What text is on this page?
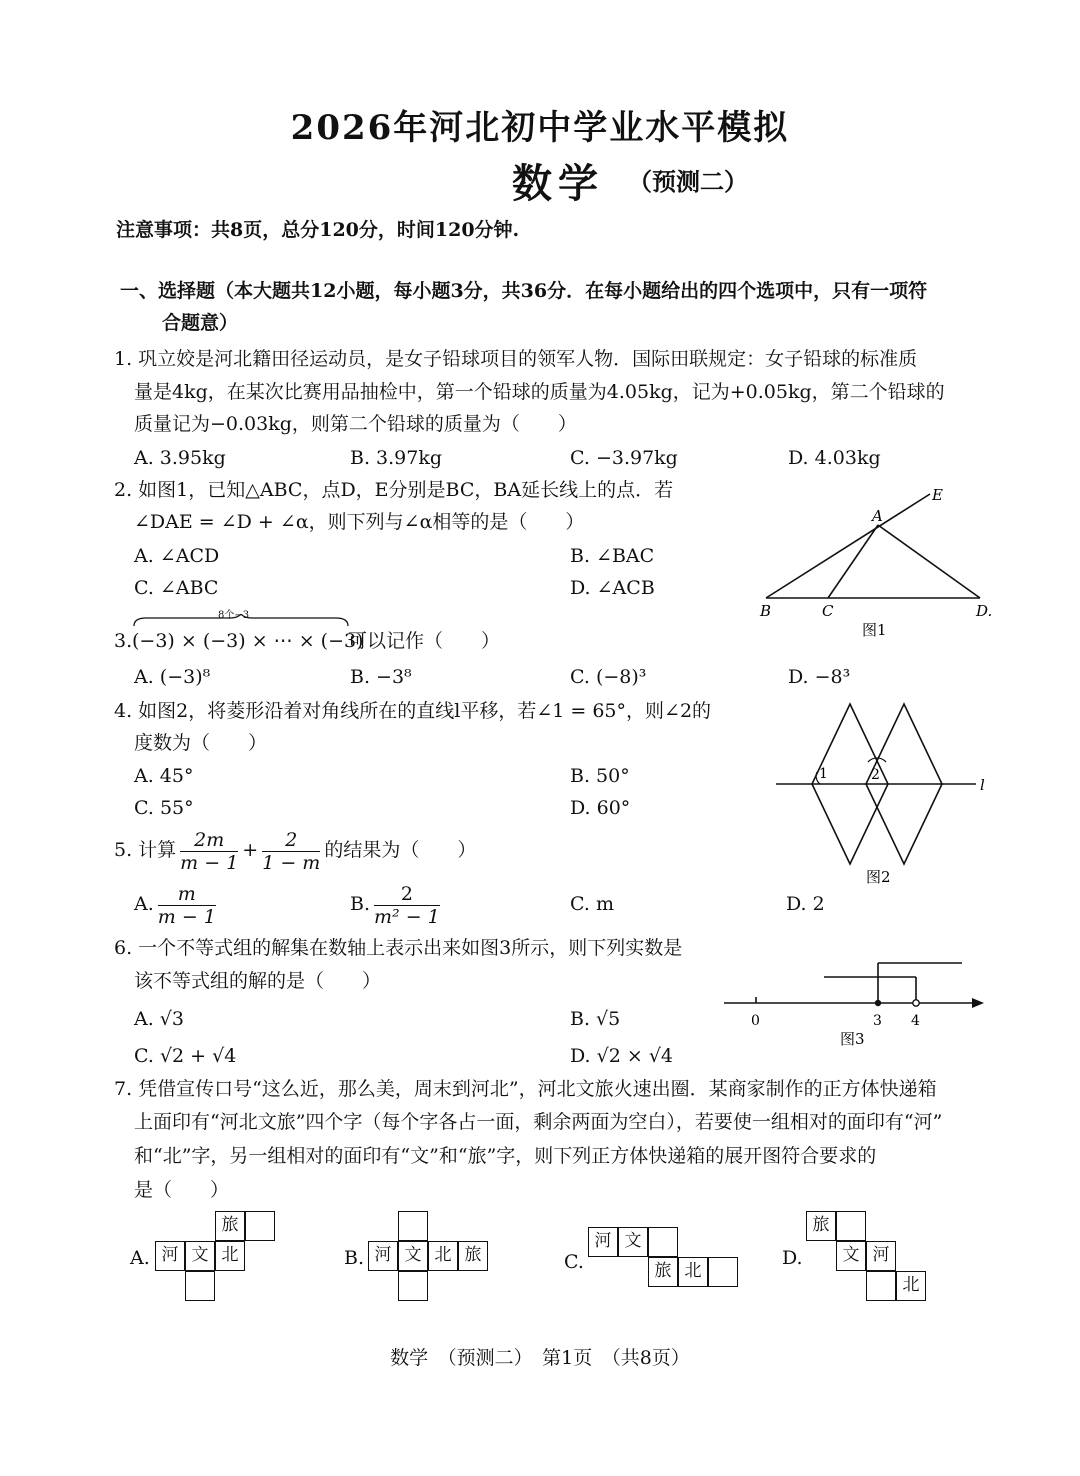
2026年河北初中学业水平模拟
数学 （预测二）
注意事项：共8页，总分120分，时间120分钟.
一、选择题（本大题共12小题，每小题3分，共36分．在每小题给出的四个选项中，只有一项符
合题意）
1. 巩立姣是河北籍田径运动员，是女子铅球项目的领军人物．国际田联规定：女子铅球的标准质
量是4kg，在某次比赛用品抽检中，第一个铅球的质量为4.05kg，记为+0.05kg，第二个铅球的
质量记为−0.03kg，则第二个铅球的质量为（　　）
A. 3.95kg	B. 3.97kg	C. −3.97kg	D. 4.03kg
2. 如图1，已知△ABC，点D，E分别是BC，BA延长线上的点．若
∠DAE = ∠D + ∠α，则下列与∠α相等的是（　　）
A. ∠ACD	B. ∠BAC
C. ∠ABC	D. ∠ACB
A
E
B	C	D.
图1
8个−3
3. (−3) × (−3) × ⋯ × (−3)
可以记作（　　）
A. (−3)⁸	B. −3⁸	C. (−8)³	D. −8³
4. 如图2，将菱形沿着对角线所在的直线l平移，若∠1 = 65°，则∠2的
度数为（　　）
A. 45°	B. 50°
C. 55°	D. 60°
1	2
l
图2
5. 计算 $\frac{2m}{m - 1} + \frac{2}{1 - m}$ 的结果为（　　）
A. $\frac{m}{m - 1}$	B. $\frac{2}{\text{m² − 1}}$	C. m	D. 2
6. 一个不等式组的解集在数轴上表示出来如图3所示，则下列实数是
该不等式组的解的是（　　）
A. √3	B. √5
C. √2 + √4	D. √2 × √4
0	3 4
图3
7. 凭借宣传口号“这么近，那么美，周末到河北”，河北文旅火速出圈．某商家制作的正方体快递箱
上面印有“河北文旅”四个字（每个字各占一面，剩余两面为空白），若要使一组相对的面印有“河”
和“北”字，另一组相对的面印有“文”和“旅”字，则下列正方体快递箱的展开图符合要求的
是（　　）
A.
旅
河 文 北	B. 河 文 北 旅	C.
河 文
旅 北
D.
旅
文 河
北
数学　（预测二）　第1页　（共8页）
